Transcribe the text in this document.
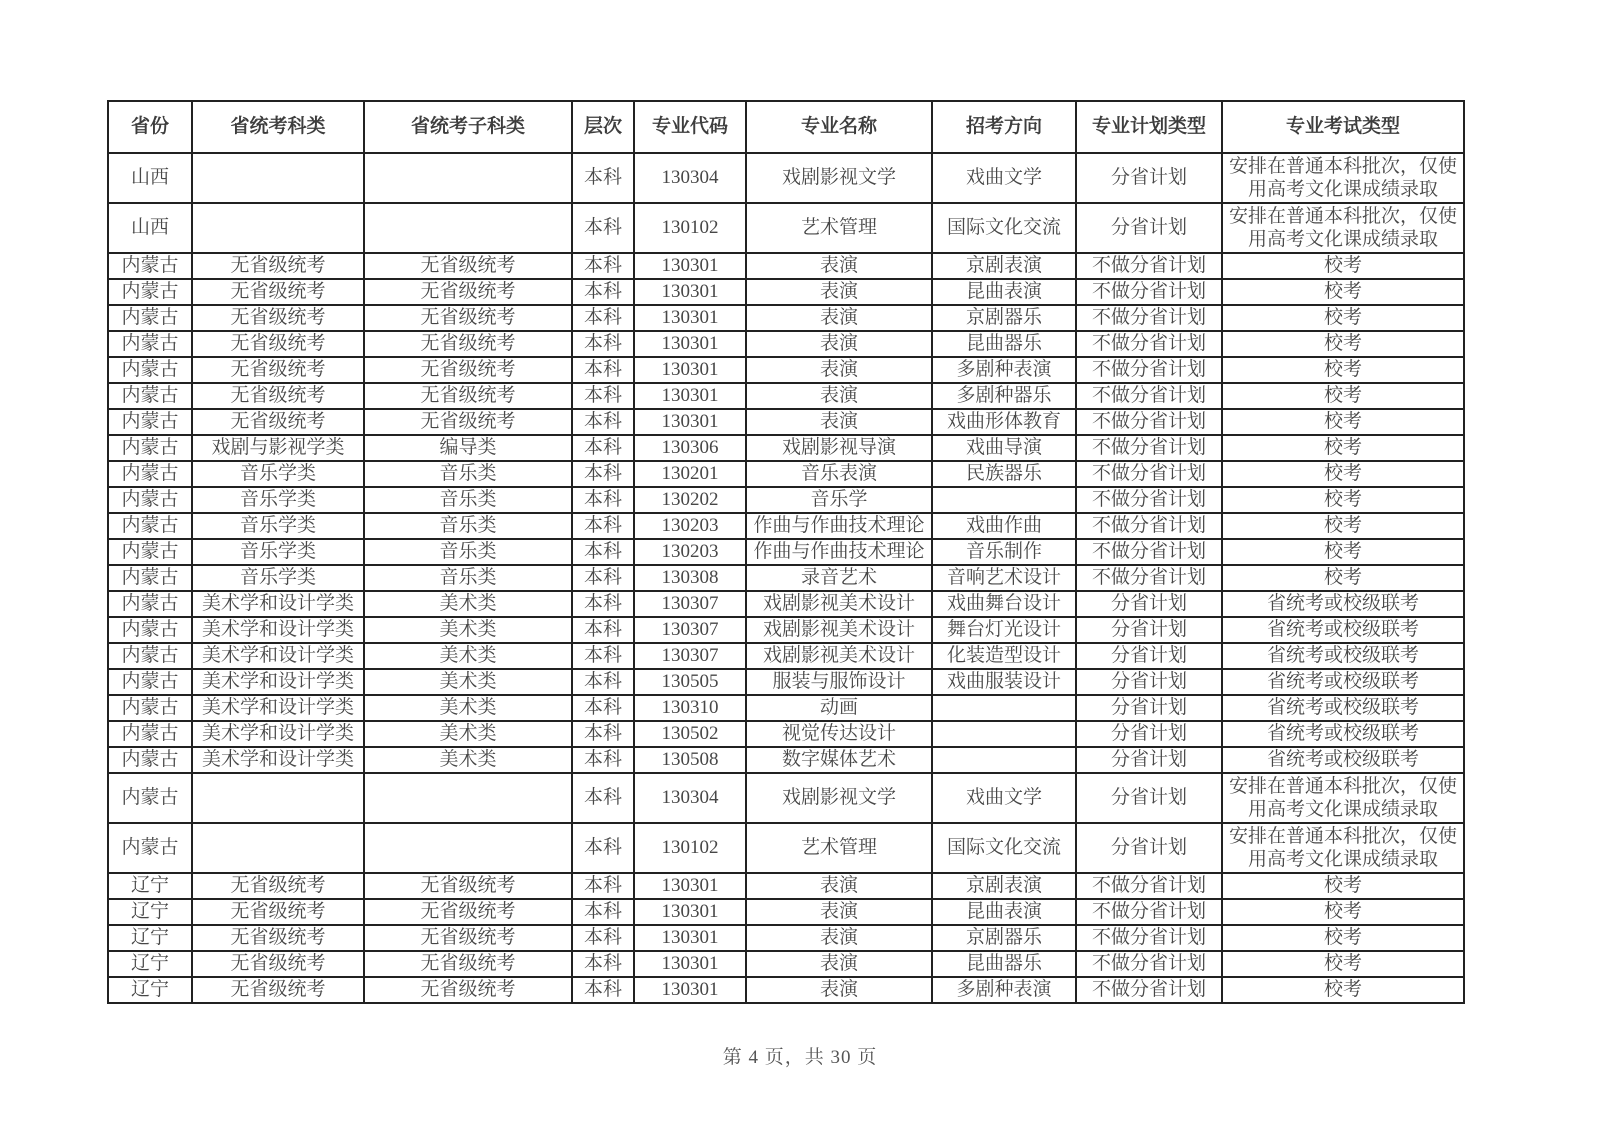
省份	省统考科类	省统考子科类	层次	专业代码	专业名称	招考方向	专业计划类型	专业考试类型
山西			本科	130304	戏剧影视文学	戏曲文学	分省计划	安排在普通本科批次，仅使用高考文化课成绩录取
山西			本科	130102	艺术管理	国际文化交流	分省计划	安排在普通本科批次，仅使用高考文化课成绩录取
内蒙古	无省级统考	无省级统考	本科	130301	表演	京剧表演	不做分省计划	校考
内蒙古	无省级统考	无省级统考	本科	130301	表演	昆曲表演	不做分省计划	校考
内蒙古	无省级统考	无省级统考	本科	130301	表演	京剧器乐	不做分省计划	校考
内蒙古	无省级统考	无省级统考	本科	130301	表演	昆曲器乐	不做分省计划	校考
内蒙古	无省级统考	无省级统考	本科	130301	表演	多剧种表演	不做分省计划	校考
内蒙古	无省级统考	无省级统考	本科	130301	表演	多剧种器乐	不做分省计划	校考
内蒙古	无省级统考	无省级统考	本科	130301	表演	戏曲形体教育	不做分省计划	校考
内蒙古	戏剧与影视学类	编导类	本科	130306	戏剧影视导演	戏曲导演	不做分省计划	校考
内蒙古	音乐学类	音乐类	本科	130201	音乐表演	民族器乐	不做分省计划	校考
内蒙古	音乐学类	音乐类	本科	130202	音乐学		不做分省计划	校考
内蒙古	音乐学类	音乐类	本科	130203	作曲与作曲技术理论	戏曲作曲	不做分省计划	校考
内蒙古	音乐学类	音乐类	本科	130203	作曲与作曲技术理论	音乐制作	不做分省计划	校考
内蒙古	音乐学类	音乐类	本科	130308	录音艺术	音响艺术设计	不做分省计划	校考
内蒙古	美术学和设计学类	美术类	本科	130307	戏剧影视美术设计	戏曲舞台设计	分省计划	省统考或校级联考
内蒙古	美术学和设计学类	美术类	本科	130307	戏剧影视美术设计	舞台灯光设计	分省计划	省统考或校级联考
内蒙古	美术学和设计学类	美术类	本科	130307	戏剧影视美术设计	化装造型设计	分省计划	省统考或校级联考
内蒙古	美术学和设计学类	美术类	本科	130505	服装与服饰设计	戏曲服装设计	分省计划	省统考或校级联考
内蒙古	美术学和设计学类	美术类	本科	130310	动画		分省计划	省统考或校级联考
内蒙古	美术学和设计学类	美术类	本科	130502	视觉传达设计		分省计划	省统考或校级联考
内蒙古	美术学和设计学类	美术类	本科	130508	数字媒体艺术		分省计划	省统考或校级联考
内蒙古			本科	130304	戏剧影视文学	戏曲文学	分省计划	安排在普通本科批次，仅使用高考文化课成绩录取
内蒙古			本科	130102	艺术管理	国际文化交流	分省计划	安排在普通本科批次，仅使用高考文化课成绩录取
辽宁	无省级统考	无省级统考	本科	130301	表演	京剧表演	不做分省计划	校考
辽宁	无省级统考	无省级统考	本科	130301	表演	昆曲表演	不做分省计划	校考
辽宁	无省级统考	无省级统考	本科	130301	表演	京剧器乐	不做分省计划	校考
辽宁	无省级统考	无省级统考	本科	130301	表演	昆曲器乐	不做分省计划	校考
辽宁	无省级统考	无省级统考	本科	130301	表演	多剧种表演	不做分省计划	校考
第 4 页，共 30 页
